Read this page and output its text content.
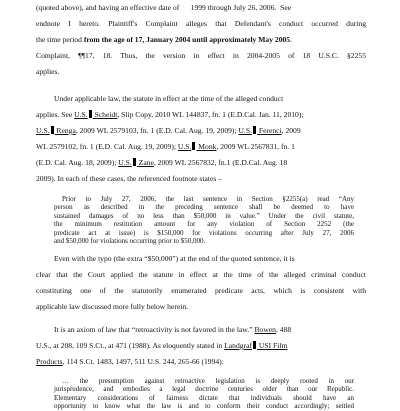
(quoted above), and having an effective date of 1999 through July 26, 2006. See
endnote I hereto. Plaintiff's Complaint alleges that Defendant's conduct occurred during
the time period from the age of 17, January 2004 until approximately May 2005.
Complaint, ¶¶17, 18. Thus, the version in effect in 2004-2005 of 18 U.S.C. §2255
applies.
Under applicable law, the statute in effect at the time of the alleged conduct
applies. See U.S. Scheidt, Slip Copy, 2010 WL 144837, fn. 1 (E.D.Cal. Jan. 11, 2010);
U.S. Renga, 2009 WL 2579103, fn. 1 (E.D. Cal. Aug. 19, 2009); U.S. Ferenci, 2009
WL 2579102, fn. 1 (E.D. Cal. Aug. 19, 2009); U.S. Monk, 2009 WL 2567831, fn. 1
(E.D. Cal. Aug. 18, 2009); U.S. Zane, 2009 WL 2567832, fn.1 (E.D.Cal. Aug. 18
2009). In each of these cases, the referenced footnote states –
Prior to July 27, 2006, the last sentence in Section §2255(a) read “Any
person as described in the preceding sentence shall be deemed to have
sustained damages of no less than $50,000 in value.” Under the civil statute,
the minimum restitution amount for any violation of Section 2252 (the
predicate act at issue) is $150,000 for violations occurring after July 27, 2006
and $50,000 for violations occurring prior to $50,000.
Even with the typo (the extra “$50,000”) at the end of the quoted sentence, it is
clear that the Court applied the statute in effect at the time of the alleged criminal conduct
constituting one of the statutorily enumerated predicate acts, which is consistent with
applicable law discussed more fully below herein.
It is an axiom of law that “retroactivity is not favored in the law.” Bowen, 488
U.S., at 208, 109 S.Ct., at 471 (1988). As eloquently stated in Landgraf USI Film
Products, 114 S.Ct. 1483, 1497, 511 U.S. 244, 265-66 (1994):
… the presumption against retroactive legislation is deeply rooted in our
jurisprudence, and embodies a legal doctrine centuries older than our Republic.
Elementary considerations of fairness dictate that individuals should have an
opportunity to know what the law is and to conform their conduct accordingly; settled
